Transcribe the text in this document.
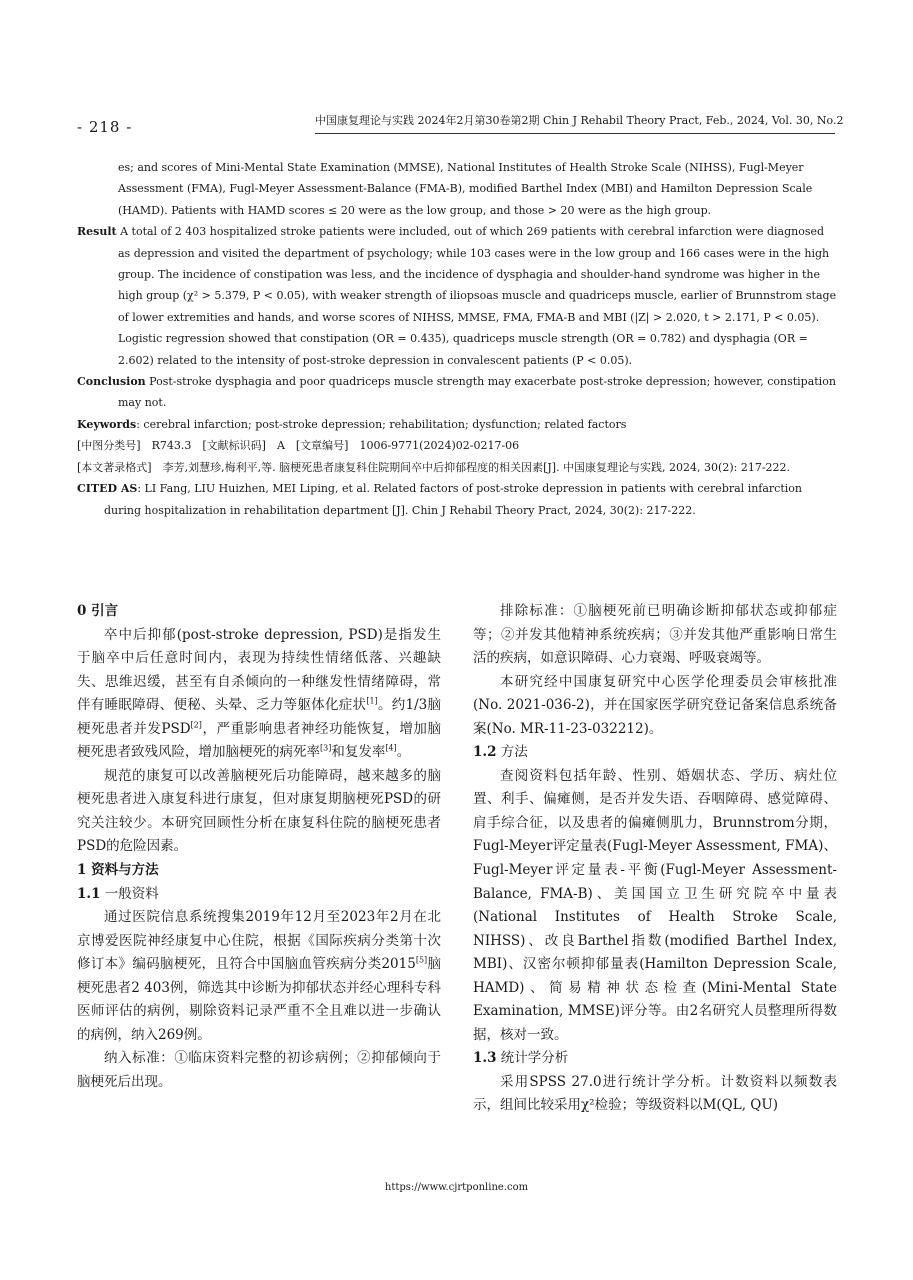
- 218 -	中国康复理论与实践 2024年2月第30卷第2期 Chin J Rehabil Theory Pract, Feb., 2024, Vol. 30, No.2

es; and scores of Mini-Mental State Examination (MMSE), National Institutes of Health Stroke Scale (NIHSS), Fugl-Meyer Assessment (FMA), Fugl-Meyer Assessment-Balance (FMA-B), modified Barthel Index (MBI) and Hamilton Depression Scale (HAMD). Patients with HAMD scores ≤ 20 were as the low group, and those > 20 were as the high group.

Result A total of 2 403 hospitalized stroke patients were included, out of which 269 patients with cerebral infarction were diagnosed as depression and visited the department of psychology; while 103 cases were in the low group and 166 cases were in the high group. The incidence of constipation was less, and the incidence of dysphagia and shoulder-hand syndrome was higher in the high group (χ² > 5.379, P < 0.05), with weaker strength of iliopsoas muscle and quadriceps muscle, earlier of Brunnstrom stage of lower extremities and hands, and worse scores of NIHSS, MMSE, FMA, FMA-B and MBI (|Z| > 2.020, t > 2.171, P < 0.05). Logistic regression showed that constipation (OR = 0.435), quadriceps muscle strength (OR = 0.782) and dysphagia (OR = 2.602) related to the intensity of post-stroke depression in convalescent patients (P < 0.05).

Conclusion Post-stroke dysphagia and poor quadriceps muscle strength may exacerbate post-stroke depression; however, constipation may not.

Keywords: cerebral infarction; post-stroke depression; rehabilitation; dysfunction; related factors

[中图分类号]　R743.3　[文献标识码]　A　[文章编号]　1006-9771(2024)02-0217-06

[本文著录格式]　李芳,刘慧珍,梅利平,等. 脑梗死患者康复科住院期间卒中后抑郁程度的相关因素[J]. 中国康复理论与实践, 2024, 30(2): 217-222.

CITED AS: LI Fang, LIU Huizhen, MEI Liping, et al. Related factors of post-stroke depression in patients with cerebral infarction during hospitalization in rehabilitation department [J]. Chin J Rehabil Theory Pract, 2024, 30(2): 217-222.

0 引言

卒中后抑郁(post-stroke depression, PSD)是指发生于脑卒中后任意时间内，表现为持续性情绪低落、兴趣缺失、思维迟缓，甚至有自杀倾向的一种继发性情绪障碍，常伴有睡眠障碍、便秘、头晕、乏力等躯体化症状[1]。约1/3脑梗死患者并发PSD[2]，严重影响患者神经功能恢复，增加脑梗死患者致残风险，增加脑梗死的病死率[3]和复发率[4]。

规范的康复可以改善脑梗死后功能障碍，越来越多的脑梗死患者进入康复科进行康复，但对康复期脑梗死PSD的研究关注较少。本研究回顾性分析在康复科住院的脑梗死患者PSD的危险因素。

1 资料与方法

1.1 一般资料

通过医院信息系统搜集2019年12月至2023年2月在北京博爱医院神经康复中心住院，根据《国际疾病分类第十次修订本》编码脑梗死，且符合中国脑血管疾病分类2015[5]脑梗死患者2 403例，筛选其中诊断为抑郁状态并经心理科专科医师评估的病例，剔除资料记录严重不全且难以进一步确认的病例，纳入269例。

纳入标准：①临床资料完整的初诊病例；②抑郁倾向于脑梗死后出现。

排除标准：①脑梗死前已明确诊断抑郁状态或抑郁症等；②并发其他精神系统疾病；③并发其他严重影响日常生活的疾病，如意识障碍、心力衰竭、呼吸衰竭等。

本研究经中国康复研究中心医学伦理委员会审核批准(No. 2021-036-2)，并在国家医学研究登记备案信息系统备案(No. MR-11-23-032212)。

1.2 方法

查阅资料包括年龄、性别、婚姻状态、学历、病灶位置、利手、偏瘫侧，是否并发失语、吞咽障碍、感觉障碍、肩手综合征，以及患者的偏瘫侧肌力，Brunnstrom分期，Fugl-Meyer评定量表(Fugl-Meyer Assessment, FMA)、Fugl-Meyer评定量表-平衡(Fugl-Meyer Assessment-Balance, FMA-B)、美国国立卫生研究院卒中量表(National Institutes of Health Stroke Scale, NIHSS)、改良Barthel指数(modified Barthel Index, MBI)、汉密尔顿抑郁量表(Hamilton Depression Scale, HAMD)、简易精神状态检查(Mini-Mental State Examination, MMSE)评分等。由2名研究人员整理所得数据，核对一致。

1.3 统计学分析

采用SPSS 27.0进行统计学分析。计数资料以频数表示，组间比较采用χ²检验；等级资料以M(QL, QU)

https://www.cjrtponline.com
